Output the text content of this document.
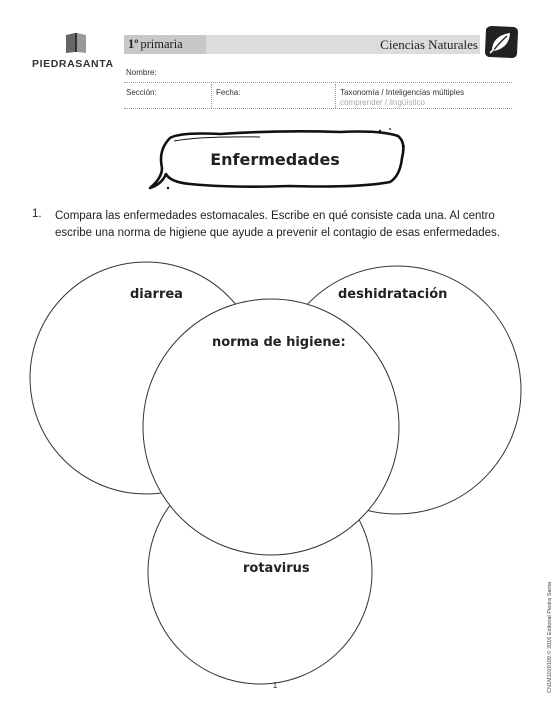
PIEDRASANTA
1º primaria	Ciencias Naturales
Nombre:
Sección:	Fecha:	Taxonomía / Inteligencias múltiples
comprender / lingüístico
Enfermedades
1. Compara las enfermedades estomacales. Escribe en qué consiste cada una. Al centro escribe una norma de higiene que ayude a prevenir el contagio de esas enfermedades.
diarrea	deshidratación
norma de higiene:
rotavirus
1	CN1M1020109 © 2016 Editorial Piedra Santa
